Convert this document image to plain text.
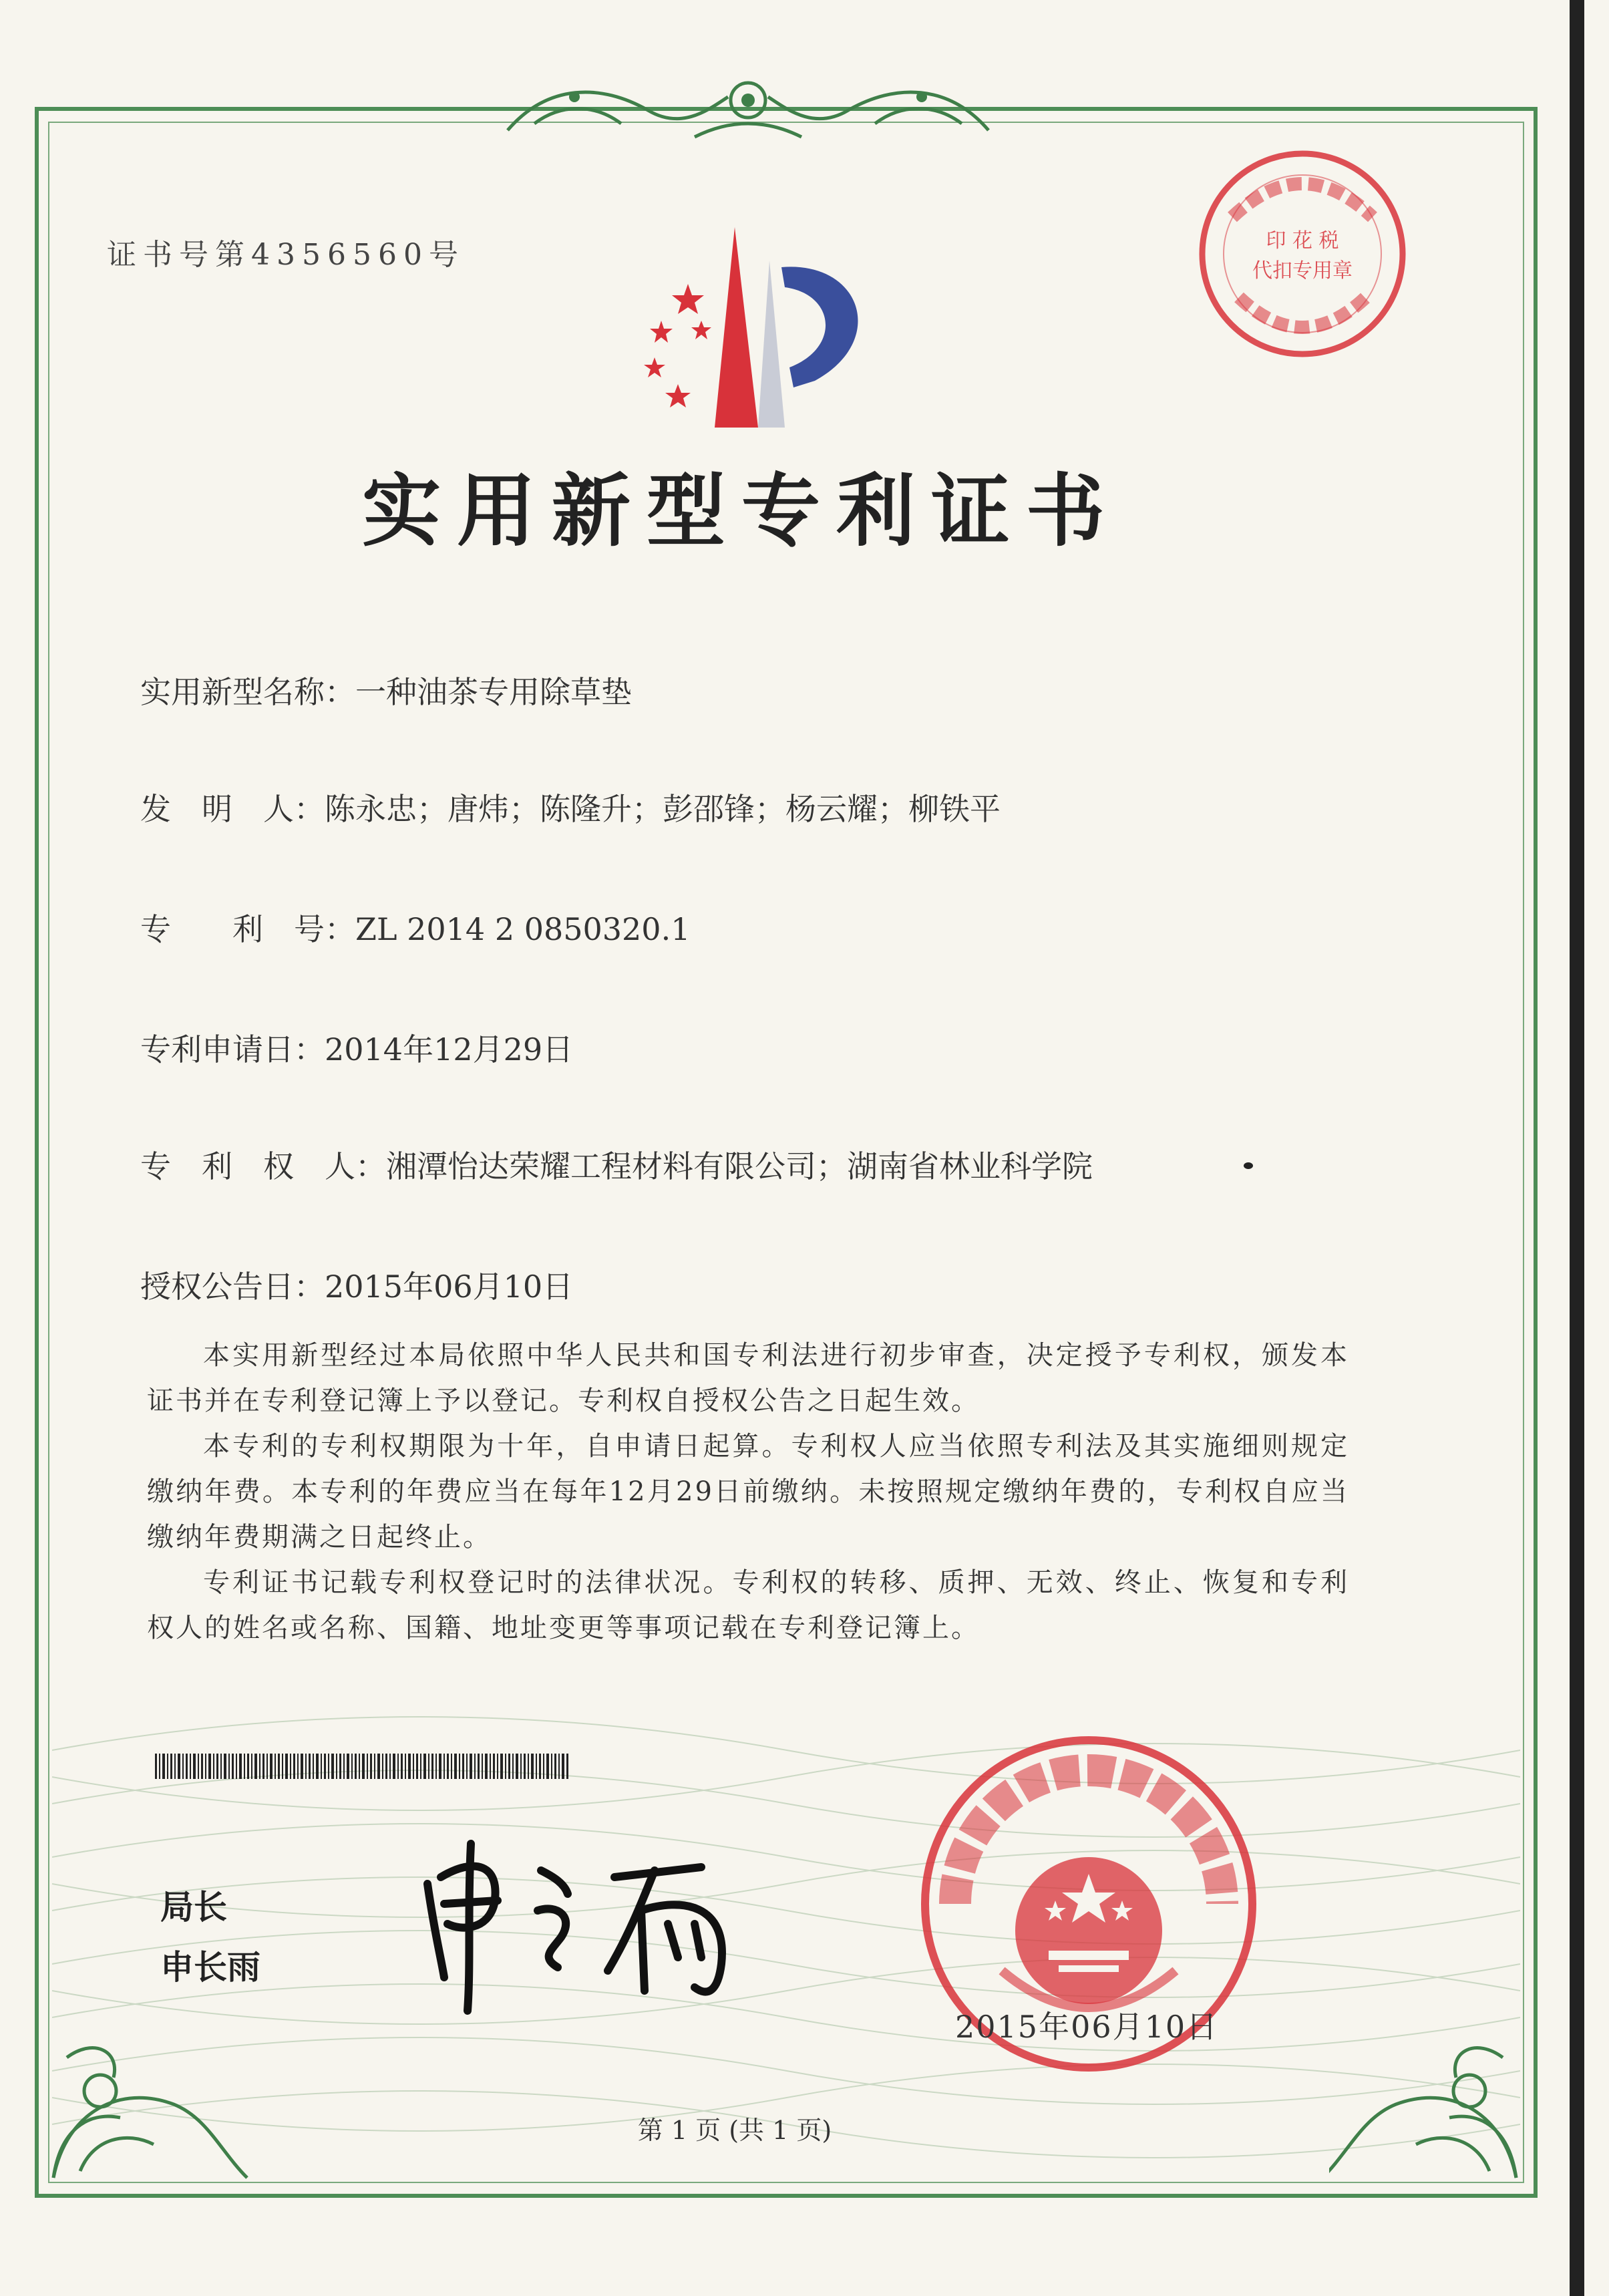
证书号第4356560号	印 花 税
代扣专用章
实用新型专利证书
实用新型名称：一种油茶专用除草垫
发　明　人：陈永忠；唐炜；陈隆升；彭邵锋；杨云耀；柳铁平
专　　利　号：ZL 2014 2 0850320.1
专利申请日：2014年12月29日
专　利　权　人：湘潭怡达荣耀工程材料有限公司；湖南省林业科学院
授权公告日：2015年06月10日

本实用新型经过本局依照中华人民共和国专利法进行初步审查，决定授予专利权，颁发本证书并在专利登记簿上予以登记。专利权自授权公告之日起生效。

本专利的专利权期限为十年，自申请日起算。专利权人应当依照专利法及其实施细则规定缴纳年费。本专利的年费应当在每年12月29日前缴纳。未按照规定缴纳年费的，专利权自应当缴纳年费期满之日起终止。

专利证书记载专利权登记时的法律状况。专利权的转移、质押、无效、终止、恢复和专利权人的姓名或名称、国籍、地址变更等事项记载在专利登记簿上。

局长
申长雨
2015年06月10日
第 1 页 (共 1 页)
